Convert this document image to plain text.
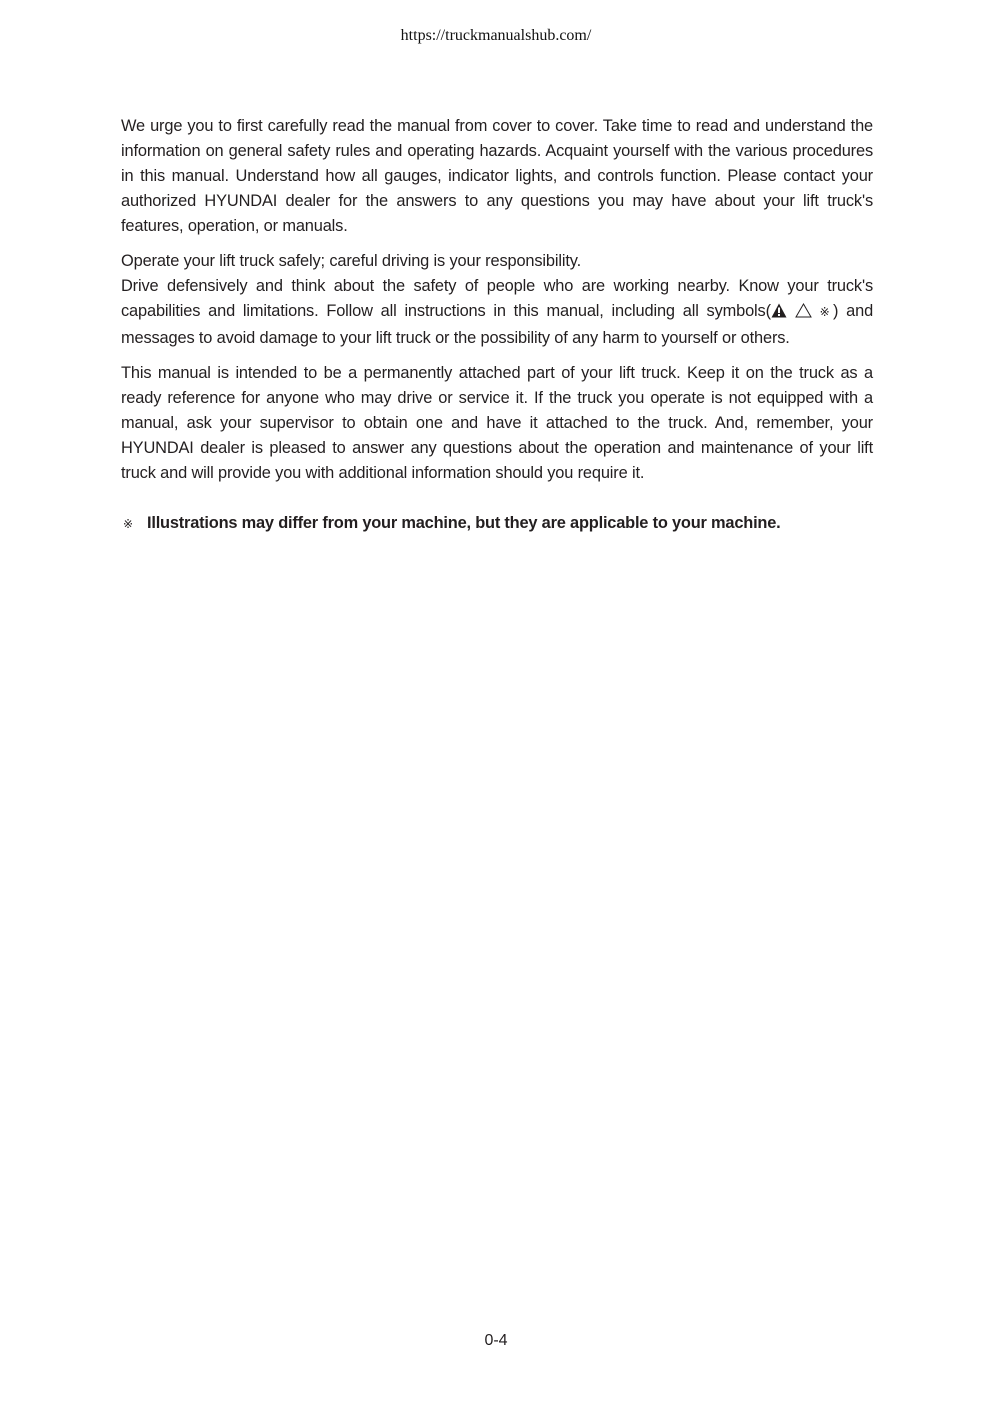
https://truckmanualshub.com/

We urge you to first carefully read the manual from cover to cover. Take time to read and understand the information on general safety rules and operating hazards. Acquaint yourself with the various procedures in this manual. Understand how all gauges, indicator lights, and controls function. Please contact your authorized HYUNDAI dealer for the answers to any questions you may have about your lift truck's features, operation, or manuals.

Operate your lift truck safely; careful driving is your responsibility.

Drive defensively and think about the safety of people who are working nearby. Know your truck's capabilities and limitations. Follow all instructions in this manual, including all symbols(	※) and messages to avoid damage to your lift truck or the possibility of any harm to yourself or others.

This manual is intended to be a permanently attached part of your lift truck. Keep it on the truck as a ready reference for anyone who may drive or service it. If the truck you operate is not equipped with a manual, ask your supervisor to obtain one and have it attached to the truck. And, remember, your HYUNDAI dealer is pleased to answer any questions about the operation and maintenance of your lift truck and will provide you with additional information should you require it.

※ Illustrations may differ from your machine, but they are applicable to your machine.
0-4
